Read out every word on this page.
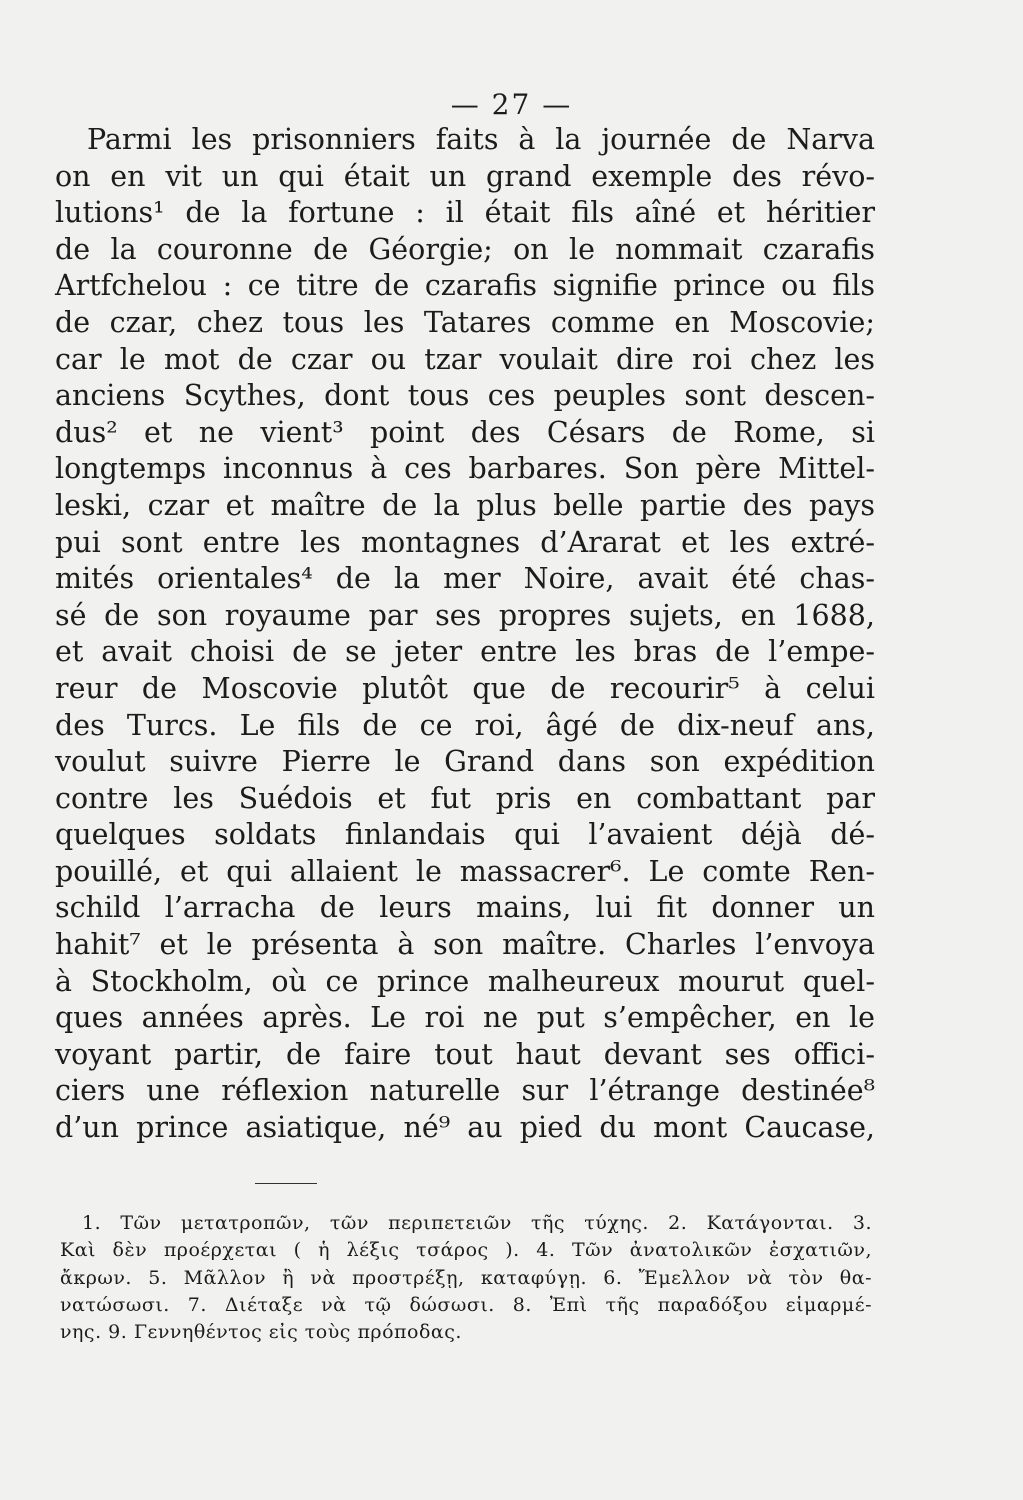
— 27 —
Parmi les prisonniers faits à la journée de Narva
on en vit un qui était un grand exemple des révo-
lutions¹ de la fortune : il était fils aîné et héritier
de la couronne de Géorgie; on le nommait czarafis
Artfchelou : ce titre de czarafis signifie prince ou fils
de czar, chez tous les Tatares comme en Moscovie;
car le mot de czar ou tzar voulait dire roi chez les
anciens Scythes, dont tous ces peuples sont descen-
dus² et ne vient³ point des Césars de Rome, si
longtemps inconnus à ces barbares. Son père Mittel-
leski, czar et maître de la plus belle partie des pays
pui sont entre les montagnes d’Ararat et les extré-
mités orientales⁴ de la mer Noire, avait été chas-
sé de son royaume par ses propres sujets, en 1688,
et avait choisi de se jeter entre les bras de l’empe-
reur de Moscovie plutôt que de recourir⁵ à celui
des Turcs. Le fils de ce roi, âgé de dix-neuf ans,
voulut suivre Pierre le Grand dans son expédition
contre les Suédois et fut pris en combattant par
quelques soldats finlandais qui l’avaient déjà dé-
pouillé, et qui allaient le massacrer⁶. Le comte Ren-
schild l’arracha de leurs mains, lui fit donner un
hahit⁷ et le présenta à son maître. Charles l’envoya
à Stockholm, où ce prince malheureux mourut quel-
ques années après. Le roi ne put s’empêcher, en le
voyant partir, de faire tout haut devant ses offici-
ciers une réflexion naturelle sur l’étrange destinée⁸
d’un prince asiatique, né⁹ au pied du mont Caucase,
1. Τῶν μετατροπῶν, τῶν περιπετειῶν τῆς τύχης. 2. Κατάγονται. 3.
Καὶ δὲν προέρχεται ( ἡ λέξις τσάρος ). 4. Τῶν ἀνατολικῶν ἐσχατιῶν,
ἄκρων. 5. Μᾶλλον ἢ νὰ προστρέξῃ, καταφύγῃ. 6. Ἔμελλον νὰ τὸν θα-
νατώσωσι. 7. Διέταξε νὰ τῷ δώσωσι. 8. Ἐπὶ τῆς παραδόξου εἱμαρμέ-
νης. 9. Γεννηθέντος εἰς τοὺς πρόποδας.
